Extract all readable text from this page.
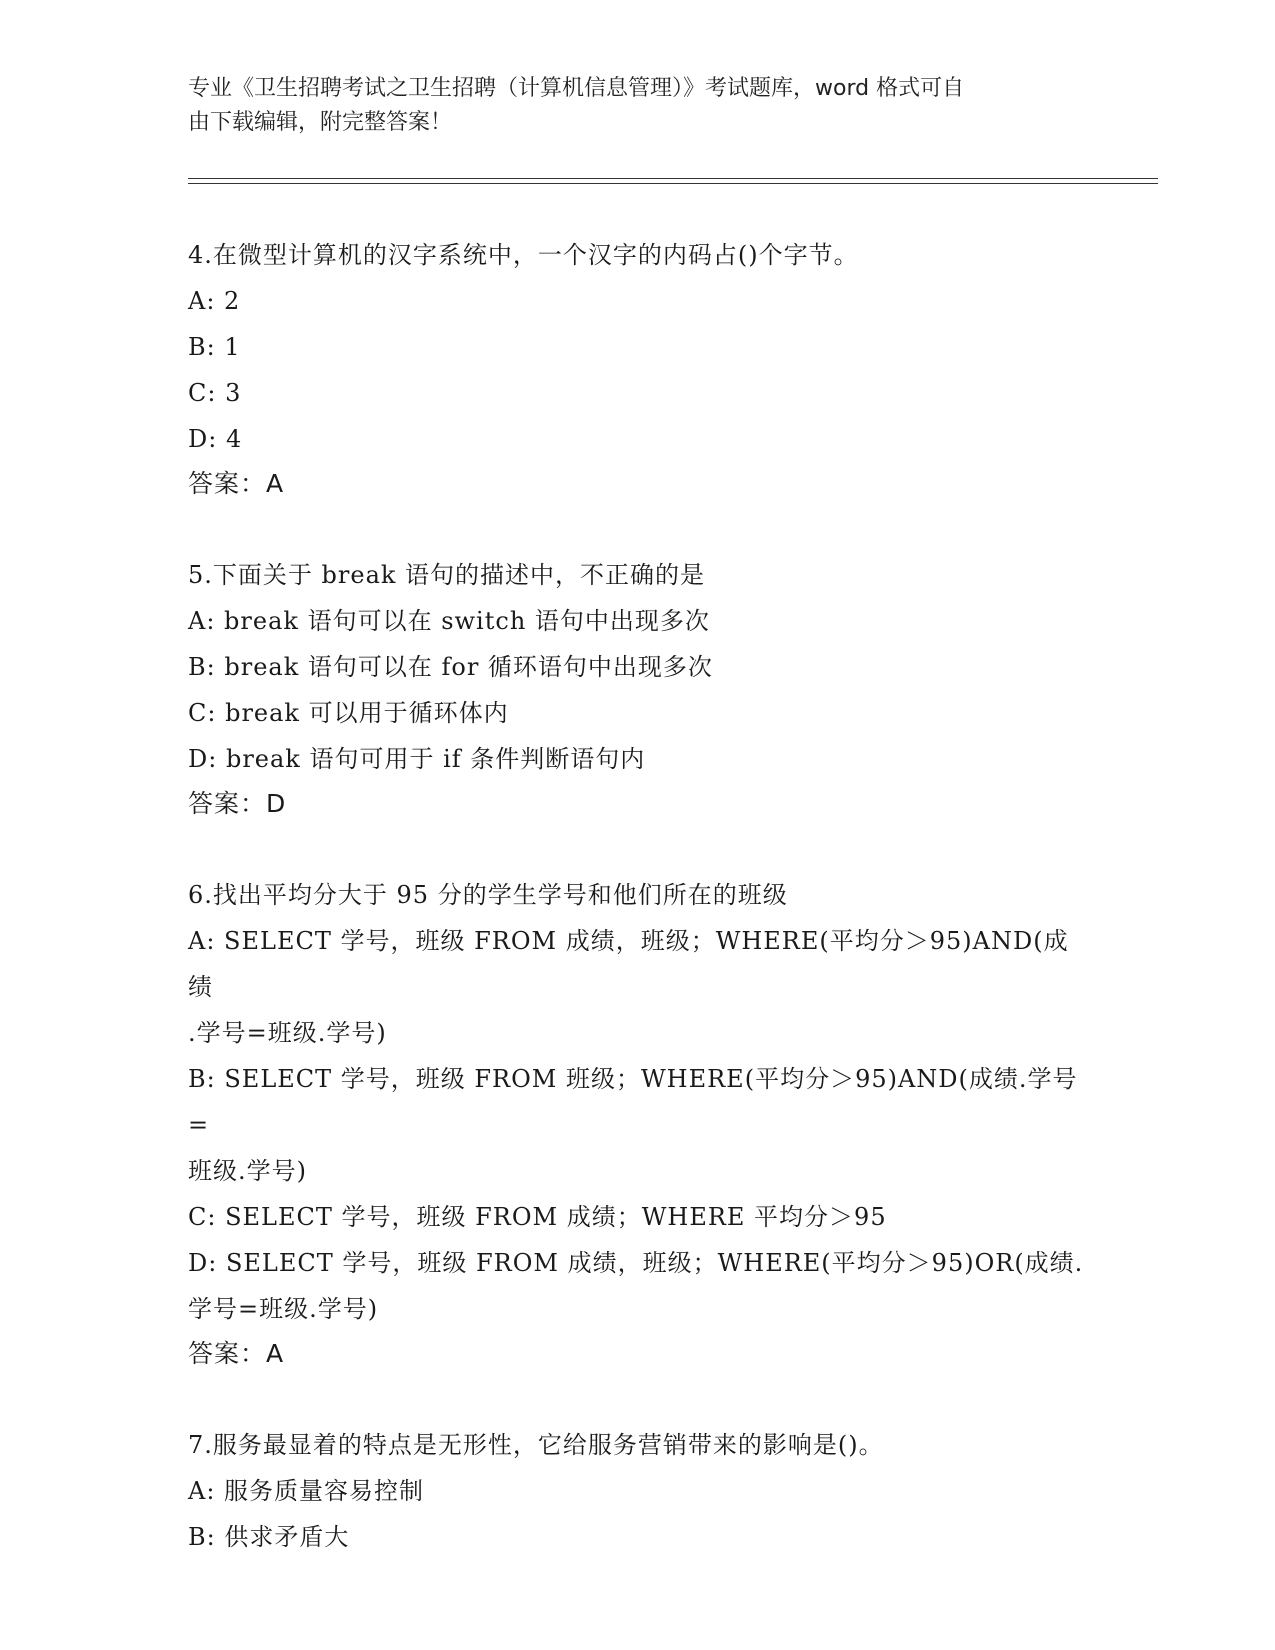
专业《卫生招聘考试之卫生招聘（计算机信息管理）》考试题库，word 格式可自
由下载编辑，附完整答案！
4.在微型计算机的汉字系统中，一个汉字的内码占()个字节。
A: 2
B: 1
C: 3
D: 4
答案：A
5.下面关于 break 语句的描述中，不正确的是
A: break 语句可以在 switch 语句中出现多次
B: break 语句可以在 for 循环语句中出现多次
C: break 可以用于循环体内
D: break 语句可用于 if 条件判断语句内
答案：D
6.找出平均分大于 95 分的学生学号和他们所在的班级
A: SELECT 学号，班级 FROM 成绩，班级；WHERE(平均分＞95)AND(成绩
.学号=班级.学号)
B: SELECT 学号，班级 FROM 班级；WHERE(平均分＞95)AND(成绩.学号=
班级.学号)
C: SELECT 学号，班级 FROM 成绩；WHERE 平均分＞95
D: SELECT 学号，班级 FROM 成绩，班级；WHERE(平均分＞95)OR(成绩.
学号=班级.学号)
答案：A
7.服务最显着的特点是无形性，它给服务营销带来的影响是()。
A: 服务质量容易控制
B: 供求矛盾大
